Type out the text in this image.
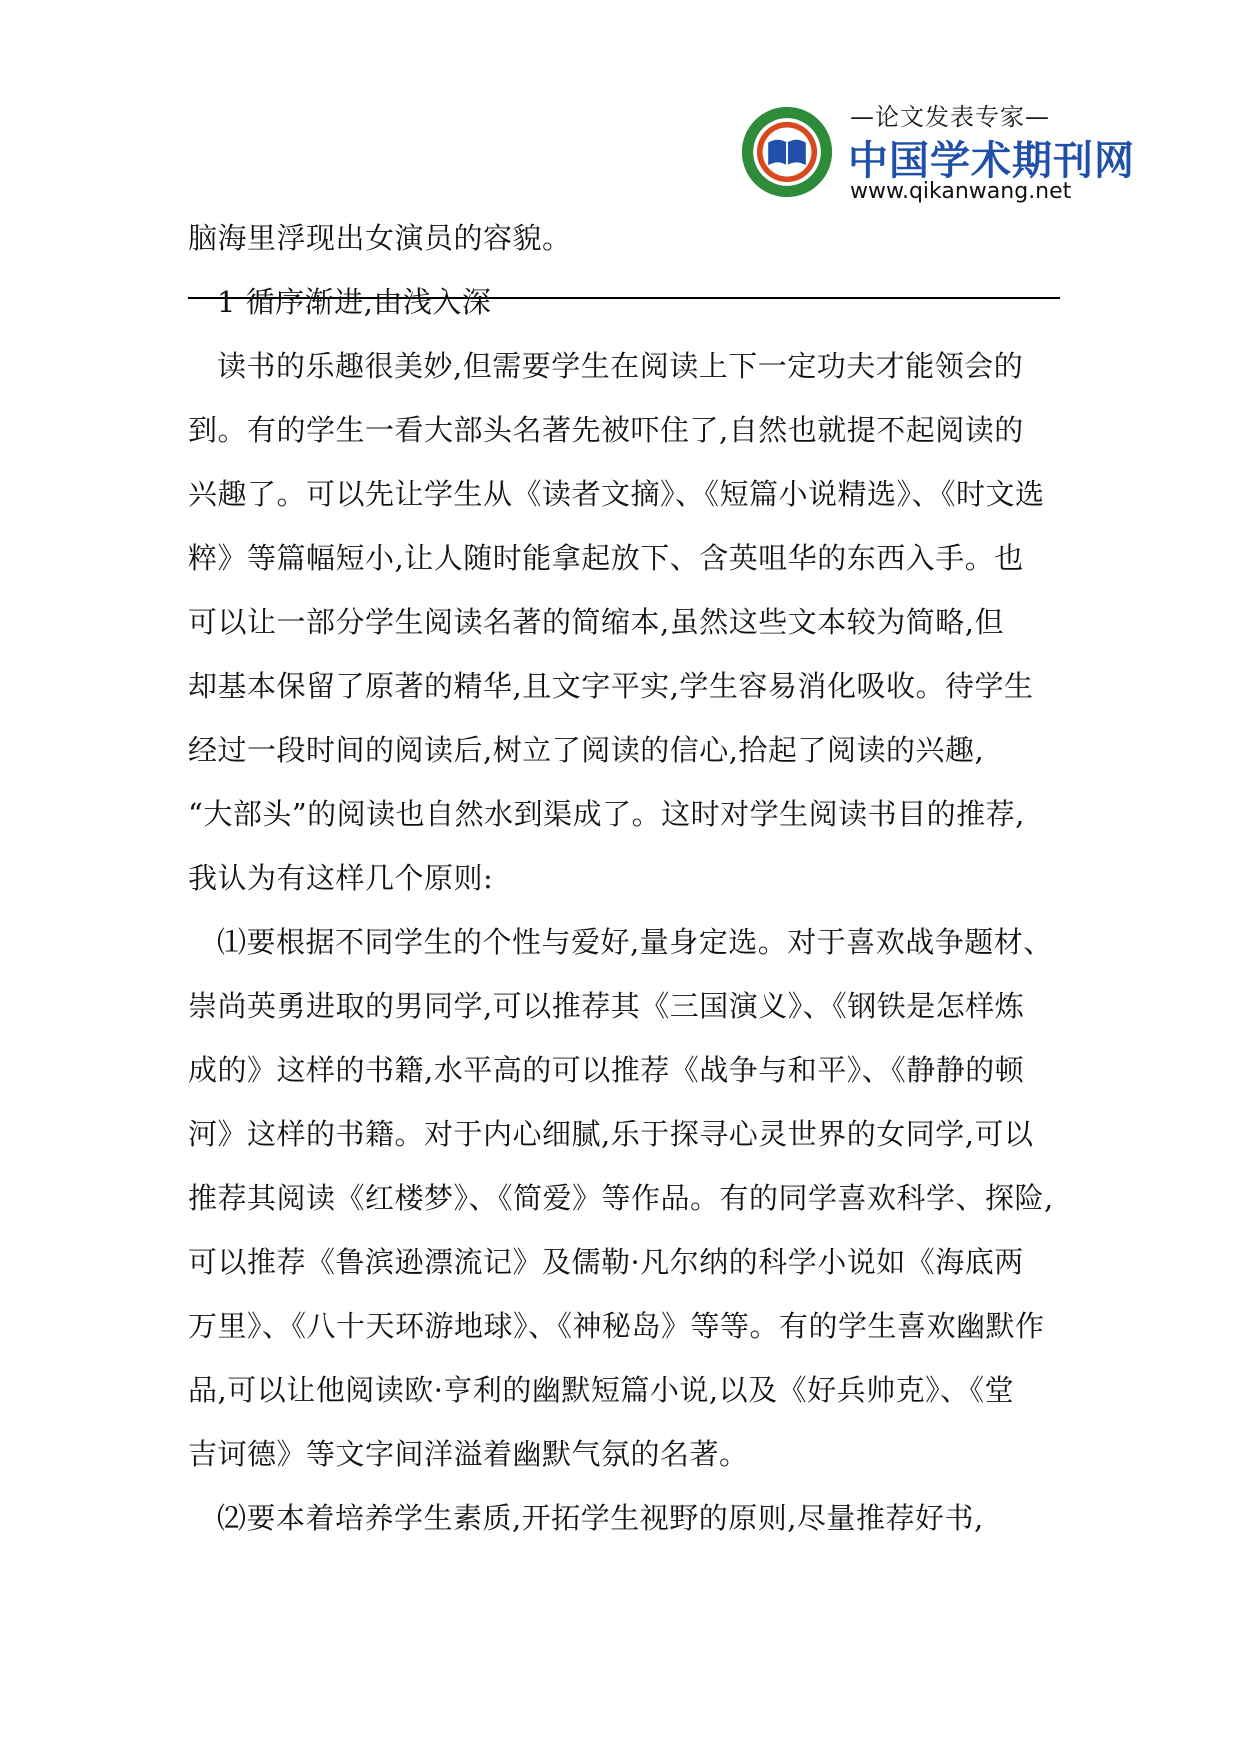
—论文发表专家—
中国学术期刊网
www.qikanwang.net
脑海里浮现出女演员的容貌。
1 循序渐进,由浅入深
读书的乐趣很美妙,但需要学生在阅读上下一定功夫才能领会的
到。有的学生一看大部头名著先被吓住了,自然也就提不起阅读的
兴趣了。可以先让学生从《读者文摘》、《短篇小说精选》、《时文选
粹》等篇幅短小,让人随时能拿起放下、含英咀华的东西入手。也
可以让一部分学生阅读名著的简缩本,虽然这些文本较为简略,但
却基本保留了原著的精华,且文字平实,学生容易消化吸收。待学生
经过一段时间的阅读后,树立了阅读的信心,拾起了阅读的兴趣,
“大部头”的阅读也自然水到渠成了。这时对学生阅读书目的推荐,
我认为有这样几个原则:
⑴要根据不同学生的个性与爱好,量身定选。对于喜欢战争题材、
崇尚英勇进取的男同学,可以推荐其《三国演义》、《钢铁是怎样炼
成的》这样的书籍,水平高的可以推荐《战争与和平》、《静静的顿
河》这样的书籍。对于内心细腻,乐于探寻心灵世界的女同学,可以
推荐其阅读《红楼梦》、《简爱》等作品。有的同学喜欢科学、探险,
可以推荐《鲁滨逊漂流记》及儒勒·凡尔纳的科学小说如《海底两
万里》、《八十天环游地球》、《神秘岛》等等。有的学生喜欢幽默作
品,可以让他阅读欧·亨利的幽默短篇小说,以及《好兵帅克》、《堂
吉诃德》等文字间洋溢着幽默气氛的名著。
⑵要本着培养学生素质,开拓学生视野的原则,尽量推荐好书,
